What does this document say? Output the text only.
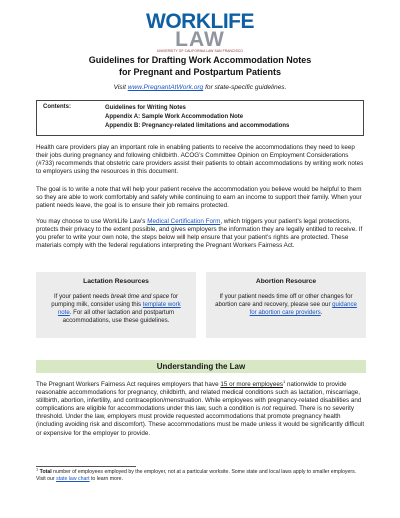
WORKLIFE
LAW
UNIVERSITY OF CALIFORNIA LAW SAN FRANCISCO
Guidelines for Drafting Work Accommodation Notes
for Pregnant and Postpartum Patients
Visit www.PregnantAtWork.org for state-specific guidelines.
Contents:	Guidelines for Writing Notes
Appendix A: Sample Work Accommodation Note
Appendix B: Pregnancy-related limitations and accommodations
Health care providers play an important role in enabling patients to receive the accommodations they need to keep their jobs during pregnancy and following childbirth. ACOG’s Committee Opinion on Employment Considerations (#733) recommends that obstetric care providers assist their patients to obtain accommodations by writing work notes to employers using the resources in this document.
The goal is to write a note that will help your patient receive the accommodation you believe would be helpful to them so they are able to work comfortably and safely while continuing to earn an income to support their family. When your patient needs leave, the goal is to ensure their job remains protected.
You may choose to use WorkLife Law’s Medical Certification Form, which triggers your patient’s legal protections, protects their privacy to the extent possible, and gives employers the information they are legally entitled to receive. If you prefer to write your own note, the steps below will help ensure that your patient’s rights are protected. These materials comply with the federal regulations interpreting the Pregnant Workers Fairness Act.
Lactation Resources
If your patient needs break time and space for pumping milk, consider using this template work note. For all other lactation and postpartum accommodations, use these guidelines.
Abortion Resource
If your patient needs time off or other changes for abortion care and recovery, please see our guidance for abortion care providers.
Understanding the Law
The Pregnant Workers Fairness Act requires employers that have 15 or more employees$^1$ nationwide to provide reasonable accommodations for pregnancy, childbirth, and related medical conditions such as lactation, miscarriage, stillbirth, abortion, infertility, and contraception/menstruation. While employees with pregnancy-related disabilities and complications are eligible for accommodations under this law, such a condition is not required. There is no severity threshold. Under the law, employers must provide requested accommodations that promote pregnancy health (including avoiding risk and discomfort). These accommodations must be made unless it would be significantly difficult or expensive for the employer to provide.
$^1$ Total number of employees employed by the employer, not at a particular worksite. Some state and local laws apply to smaller employers. Visit our state law chart to learn more.
